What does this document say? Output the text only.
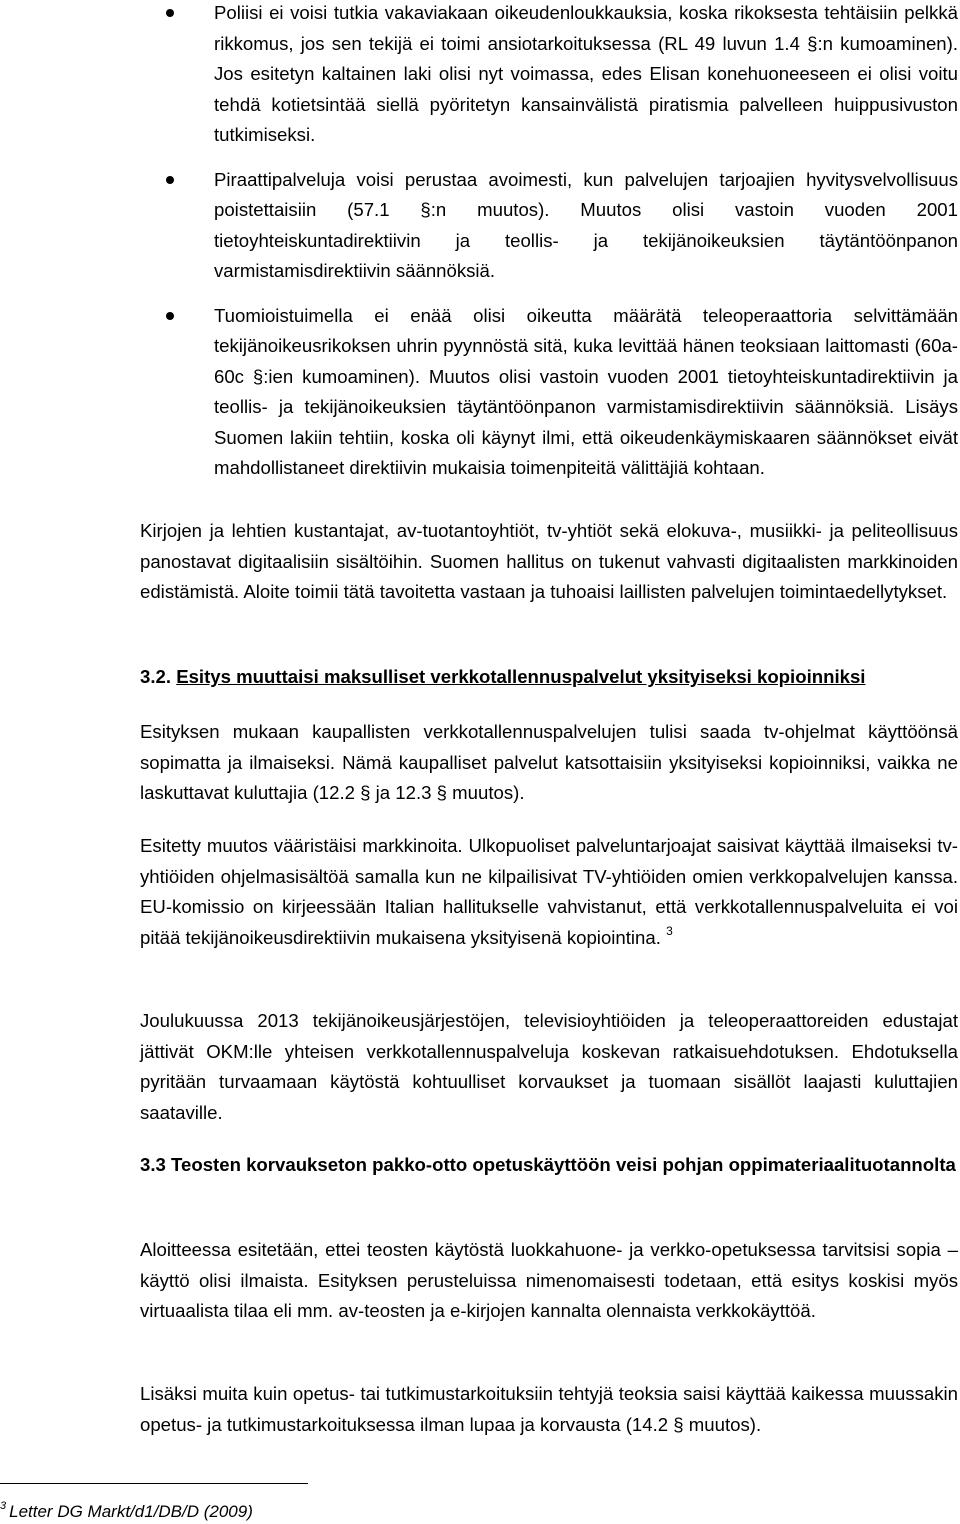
Poliisi ei voisi tutkia vakaviakaan oikeudenloukkauksia, koska rikoksesta tehtäisiin pelkkä rikkomus, jos sen tekijä ei toimi ansiotarkoituksessa (RL 49 luvun 1.4 §:n kumoaminen). Jos esitetyn kaltainen laki olisi nyt voimassa, edes Elisan konehuoneeseen ei olisi voitu tehdä kotietsintää siellä pyöritetyn kansainvälistä piratismia palvelleen huippusivuston tutkimiseksi.
Piraattipalveluja voisi perustaa avoimesti, kun palvelujen tarjoajien hyvitysvelvollisuus poistettaisiin (57.1 §:n muutos). Muutos olisi vastoin vuoden 2001 tietoyhteiskuntadirektiivin ja teollis- ja tekijänoikeuksien täytäntöönpanon varmistamisdirektiivin säännöksiä.
Tuomioistuimella ei enää olisi oikeutta määrätä teleoperaattoria selvittämään tekijänoikeusrikoksen uhrin pyynnöstä sitä, kuka levittää hänen teoksiaan laittomasti (60a-60c §:ien kumoaminen). Muutos olisi vastoin vuoden 2001 tietoyhteiskuntadirektiivin ja teollis- ja tekijänoikeuksien täytäntöönpanon varmistamisdirektiivin säännöksiä. Lisäys Suomen lakiin tehtiin, koska oli käynyt ilmi, että oikeudenkäymiskaaren säännökset eivät mahdollistaneet direktiivin mukaisia toimenpiteitä välittäjiä kohtaan.

Kirjojen ja lehtien kustantajat, av-tuotantoyhtiöt, tv-yhtiöt sekä elokuva-, musiikki- ja peliteollisuus panostavat digitaalisiin sisältöihin. Suomen hallitus on tukenut vahvasti digitaalisten markkinoiden edistämistä. Aloite toimii tätä tavoitetta vastaan ja tuhoaisi laillisten palvelujen toimintaedellytykset.

3.2. Esitys muuttaisi maksulliset verkkotallennuspalvelut yksityiseksi kopioinniksi

Esityksen mukaan kaupallisten verkkotallennuspalvelujen tulisi saada tv-ohjelmat käyttöönsä sopimatta ja ilmaiseksi. Nämä kaupalliset palvelut katsottaisiin yksityiseksi kopioinniksi, vaikka ne laskuttavat kuluttajia (12.2 § ja 12.3 § muutos).

Esitetty muutos vääristäisi markkinoita. Ulkopuoliset palveluntarjoajat saisivat käyttää ilmaiseksi tv-yhtiöiden ohjelmasisältöä samalla kun ne kilpailisivat TV-yhtiöiden omien verkkopalvelujen kanssa. EU-komissio on kirjeessään Italian hallitukselle vahvistanut, että verkkotallennuspalveluita ei voi pitää tekijänoikeusdirektiivin mukaisena yksityisenä kopiointina. $^3$

Joulukuussa 2013 tekijänoikeusjärjestöjen, televisioyhtiöiden ja teleoperaattoreiden edustajat jättivät OKM:lle yhteisen verkkotallennuspalveluja koskevan ratkaisuehdotuksen. Ehdotuksella pyritään turvaamaan käytöstä kohtuulliset korvaukset ja tuomaan sisällöt laajasti kuluttajien saataville.

3.3 Teosten korvaukseton pakko-otto opetuskäyttöön veisi pohjan oppimateriaalituotannolta

Aloitteessa esitetään, ettei teosten käytöstä luokkahuone- ja verkko-opetuksessa tarvitsisi sopia – käyttö olisi ilmaista. Esityksen perusteluissa nimenomaisesti todetaan, että esitys koskisi myös virtuaalista tilaa eli mm. av-teosten ja e-kirjojen kannalta olennaista verkkokäyttöä.

Lisäksi muita kuin opetus- tai tutkimustarkoituksiin tehtyjä teoksia saisi käyttää kaikessa muussakin opetus- ja tutkimustarkoituksessa ilman lupaa ja korvausta (14.2 § muutos).

$^3$ Letter DG Markt/d1/DB/D (2009)
